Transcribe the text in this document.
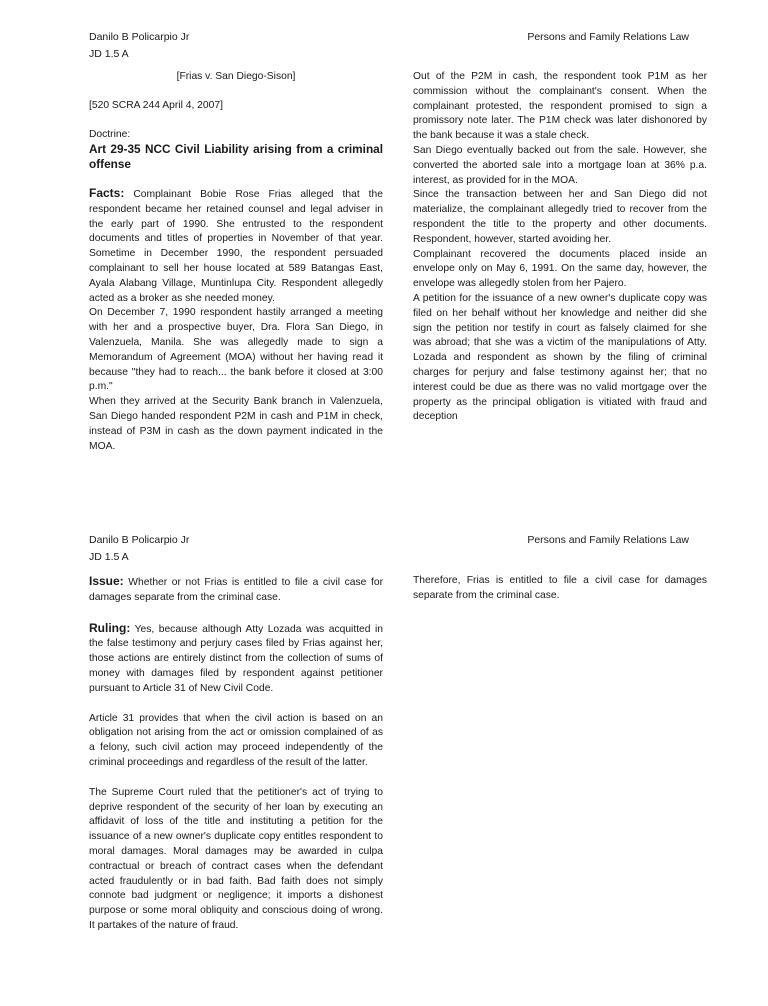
Danilo B Policarpio Jr
JD 1.5 A
Persons and Family Relations Law

[Frias v. San Diego-Sison]

[520 SCRA 244 April 4, 2007]

Doctrine:

Art 29-35 NCC Civil Liability arising from a criminal offense

Facts: Complainant Bobie Rose Frias alleged that the respondent became her retained counsel and legal adviser in the early part of 1990. She entrusted to the respondent documents and titles of properties in November of that year. Sometime in December 1990, the respondent persuaded complainant to sell her house located at 589 Batangas East, Ayala Alabang Village, Muntinlupa City. Respondent allegedly acted as a broker as she needed money.

On December 7, 1990 respondent hastily arranged a meeting with her and a prospective buyer, Dra. Flora San Diego, in Valenzuela, Manila. She was allegedly made to sign a Memorandum of Agreement (MOA) without her having read it because "they had to reach... the bank before it closed at 3:00 p.m."

When they arrived at the Security Bank branch in Valenzuela, San Diego handed respondent P2M in cash and P1M in check, instead of P3M in cash as the down payment indicated in the MOA.

Out of the P2M in cash, the respondent took P1M as her commission without the complainant's consent. When the complainant protested, the respondent promised to sign a promissory note later. The P1M check was later dishonored by the bank because it was a stale check.

San Diego eventually backed out from the sale. However, she converted the aborted sale into a mortgage loan at 36% p.a. interest, as provided for in the MOA.

Since the transaction between her and San Diego did not materialize, the complainant allegedly tried to recover from the respondent the title to the property and other documents. Respondent, however, started avoiding her.

Complainant recovered the documents placed inside an envelope only on May 6, 1991. On the same day, however, the envelope was allegedly stolen from her Pajero.

A petition for the issuance of a new owner's duplicate copy was filed on her behalf without her knowledge and neither did she sign the petition nor testify in court as falsely claimed for she was abroad; that she was a victim of the manipulations of Atty. Lozada and respondent as shown by the filing of criminal charges for perjury and false testimony against her; that no interest could be due as there was no valid mortgage over the property as the principal obligation is vitiated with fraud and deception

Danilo B Policarpio Jr
JD 1.5 A
Persons and Family Relations Law

Issue: Whether or not Frias is entitled to file a civil case for damages separate from the criminal case.

Ruling: Yes, because although Atty Lozada was acquitted in the false testimony and perjury cases filed by Frias against her, those actions are entirely distinct from the collection of sums of money with damages filed by respondent against petitioner pursuant to Article 31 of New Civil Code.

Article 31 provides that when the civil action is based on an obligation not arising from the act or omission complained of as a felony, such civil action may proceed independently of the criminal proceedings and regardless of the result of the latter.

The Supreme Court ruled that the petitioner's act of trying to deprive respondent of the security of her loan by executing an affidavit of loss of the title and instituting a petition for the issuance of a new owner's duplicate copy entitles respondent to moral damages. Moral damages may be awarded in culpa contractual or breach of contract cases when the defendant acted fraudulently or in bad faith. Bad faith does not simply connote bad judgment or negligence; it imports a dishonest purpose or some moral obliquity and conscious doing of wrong. It partakes of the nature of fraud.

Therefore, Frias is entitled to file a civil case for damages separate from the criminal case.
